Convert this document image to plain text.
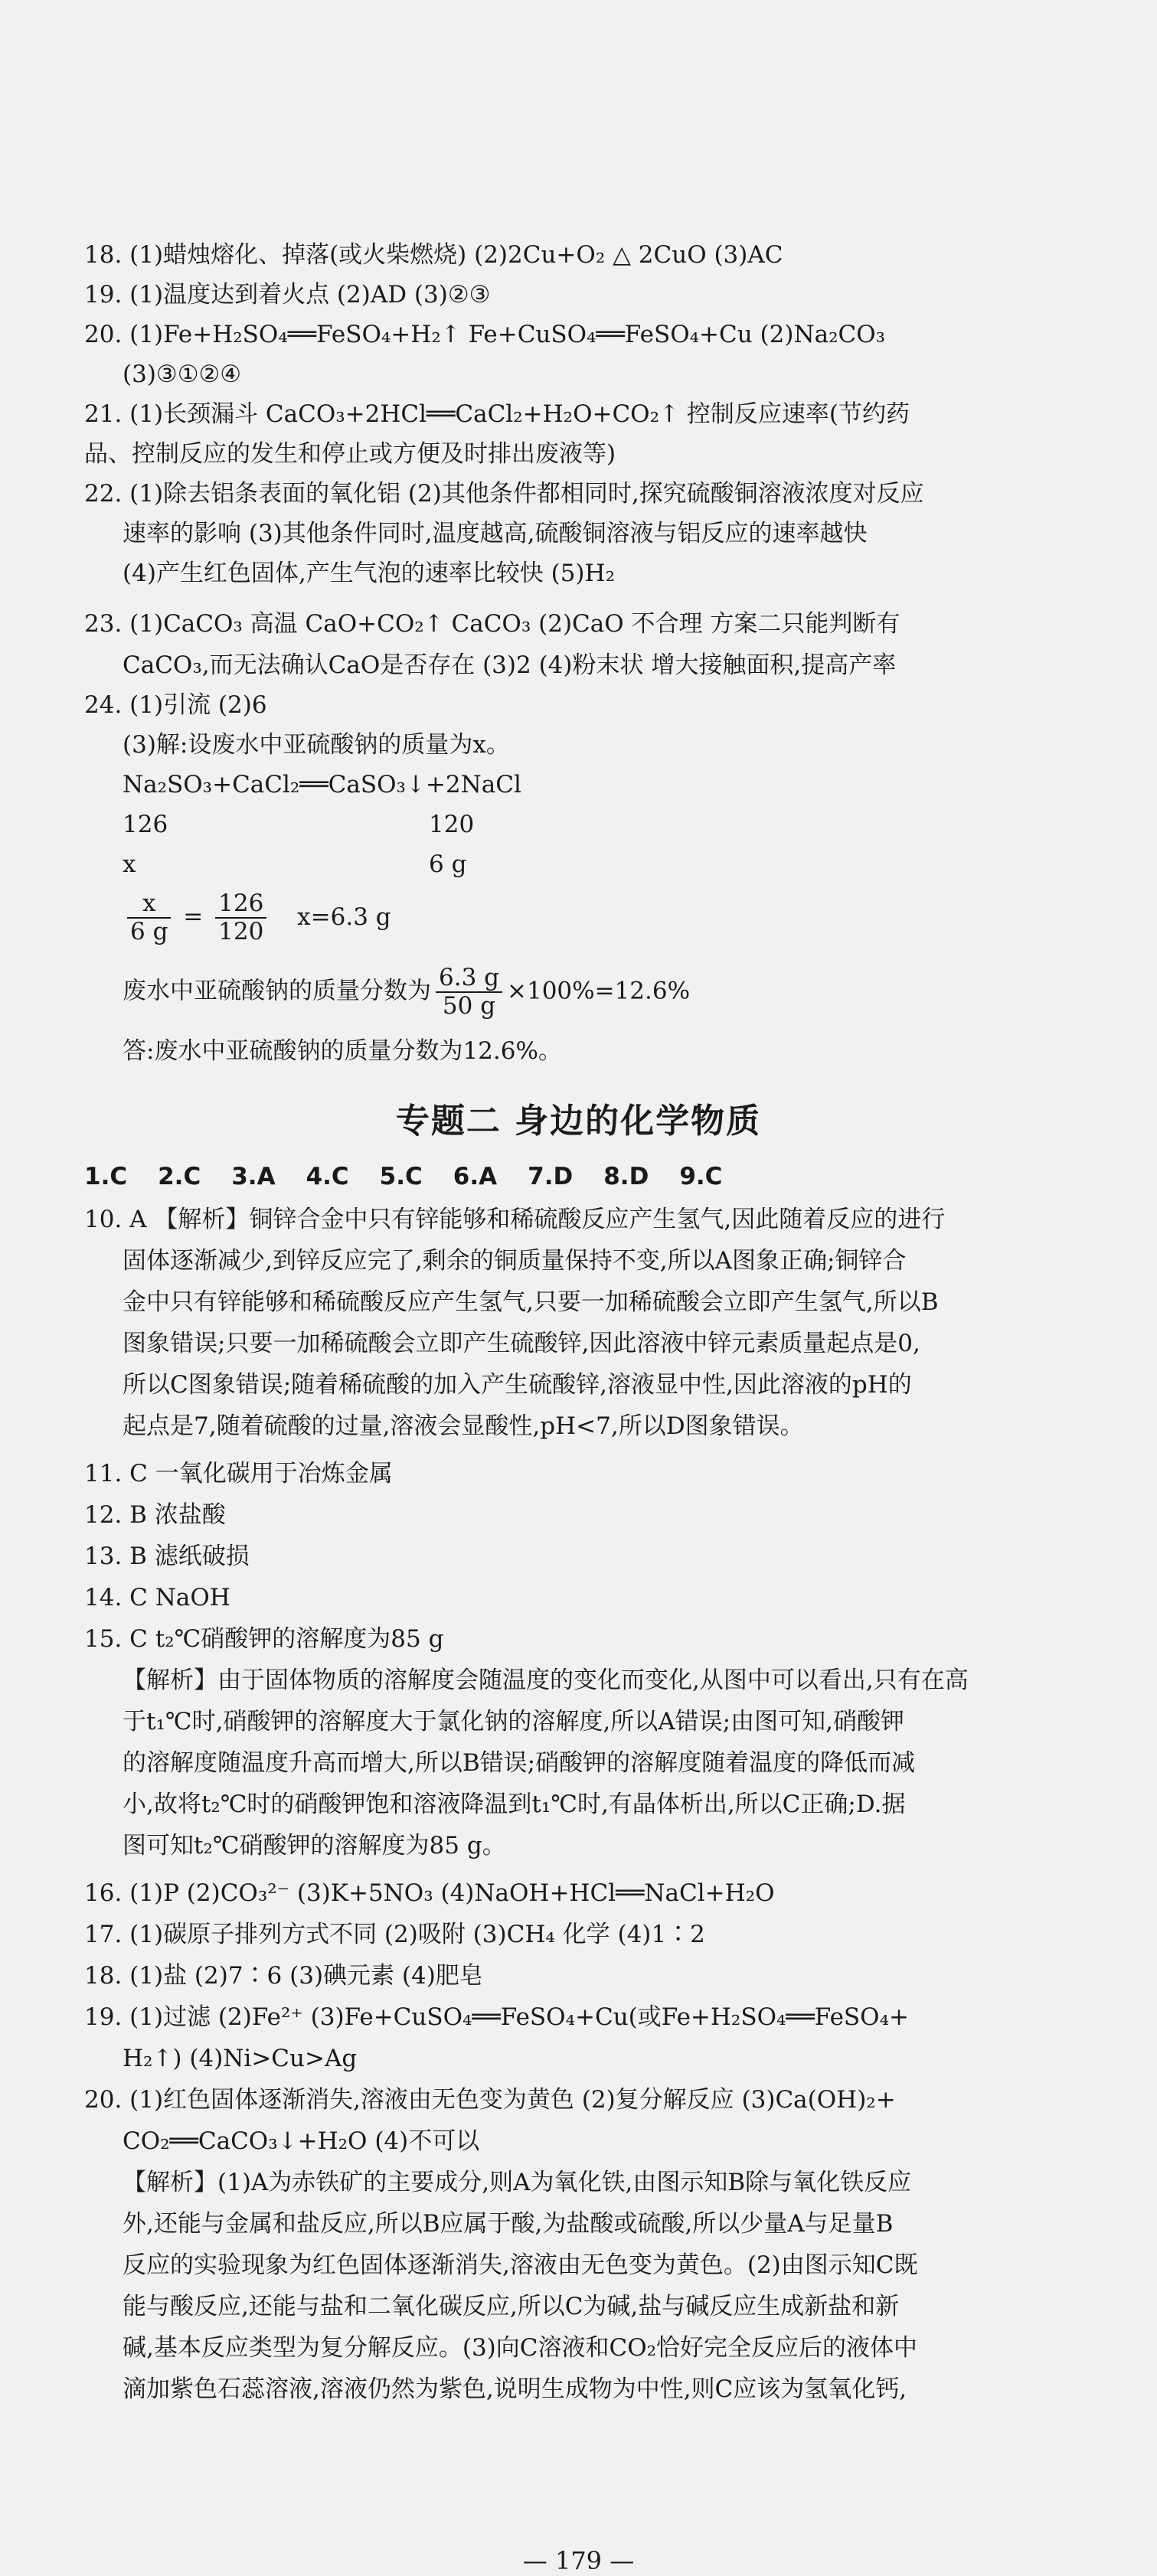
18. (1)蜡烛熔化、掉落(或火柴燃烧) (2)2Cu+O₂ △ 2CuO (3)AC
19. (1)温度达到着火点 (2)AD (3)②③
20. (1)Fe+H₂SO₄══FeSO₄+H₂↑ Fe+CuSO₄══FeSO₄+Cu (2)Na₂CO₃
(3)③①②④
21. (1)长颈漏斗 CaCO₃+2HCl══CaCl₂+H₂O+CO₂↑ 控制反应速率(节约药
品、控制反应的发生和停止或方便及时排出废液等)
22. (1)除去铝条表面的氧化铝 (2)其他条件都相同时,探究硫酸铜溶液浓度对反应
速率的影响 (3)其他条件同时,温度越高,硫酸铜溶液与铝反应的速率越快
(4)产生红色固体,产生气泡的速率比较快 (5)H₂
23. (1)CaCO₃ 高温 CaO+CO₂↑ CaCO₃ (2)CaO 不合理 方案二只能判断有
CaCO₃,而无法确认CaO是否存在 (3)2 (4)粉末状 增大接触面积,提高产率
24. (1)引流 (2)6
(3)解:设废水中亚硫酸钠的质量为x。
Na₂SO₃+CaCl₂══CaSO₃↓+2NaCl
126	120
x	6 g
$\frac{x}{6 g} = \frac{126}{120} x=6.3$ g
废水中亚硫酸钠的质量分数为 $\frac{6.3 g}{50 g} \times 100\%=12.6\%$
答:废水中亚硫酸钠的质量分数为12.6%。
专题二 身边的化学物质
1.C 2.C 3.A 4.C 5.C 6.A 7.D 8.D 9.C
10. A 【解析】铜锌合金中只有锌能够和稀硫酸反应产生氢气,因此随着反应的进行
固体逐渐减少,到锌反应完了,剩余的铜质量保持不变,所以A图象正确;铜锌合
金中只有锌能够和稀硫酸反应产生氢气,只要一加稀硫酸会立即产生氢气,所以B
图象错误;只要一加稀硫酸会立即产生硫酸锌,因此溶液中锌元素质量起点是0,
所以C图象错误;随着稀硫酸的加入产生硫酸锌,溶液显中性,因此溶液的pH的
起点是7,随着硫酸的过量,溶液会显酸性,pH<7,所以D图象错误。
11. C 一氧化碳用于冶炼金属
12. B 浓盐酸
13. B 滤纸破损
14. C NaOH
15. C t₂℃硝酸钾的溶解度为85 g
【解析】由于固体物质的溶解度会随温度的变化而变化,从图中可以看出,只有在高
于t₁℃时,硝酸钾的溶解度大于氯化钠的溶解度,所以A错误;由图可知,硝酸钾
的溶解度随温度升高而增大,所以B错误;硝酸钾的溶解度随着温度的降低而减
小,故将t₂℃时的硝酸钾饱和溶液降温到t₁℃时,有晶体析出,所以C正确;D.据
图可知t₂℃硝酸钾的溶解度为85 g。
16. (1)P (2)CO₃²⁻ (3)K+5NO₃ (4)NaOH+HCl══NaCl+H₂O
17. (1)碳原子排列方式不同 (2)吸附 (3)CH₄ 化学 (4)1∶2
18. (1)盐 (2)7∶6 (3)碘元素 (4)肥皂
19. (1)过滤 (2)Fe²⁺ (3)Fe+CuSO₄══FeSO₄+Cu(或Fe+H₂SO₄══FeSO₄+
H₂↑) (4)Ni>Cu>Ag
20. (1)红色固体逐渐消失,溶液由无色变为黄色 (2)复分解反应 (3)Ca(OH)₂+
CO₂══CaCO₃↓+H₂O (4)不可以
【解析】(1)A为赤铁矿的主要成分,则A为氧化铁,由图示知B除与氧化铁反应
外,还能与金属和盐反应,所以B应属于酸,为盐酸或硫酸,所以少量A与足量B
反应的实验现象为红色固体逐渐消失,溶液由无色变为黄色。(2)由图示知C既
能与酸反应,还能与盐和二氧化碳反应,所以C为碱,盐与碱反应生成新盐和新
碱,基本反应类型为复分解反应。(3)向C溶液和CO₂恰好完全反应后的液体中
滴加紫色石蕊溶液,溶液仍然为紫色,说明生成物为中性,则C应该为氢氧化钙,
— 179 —
